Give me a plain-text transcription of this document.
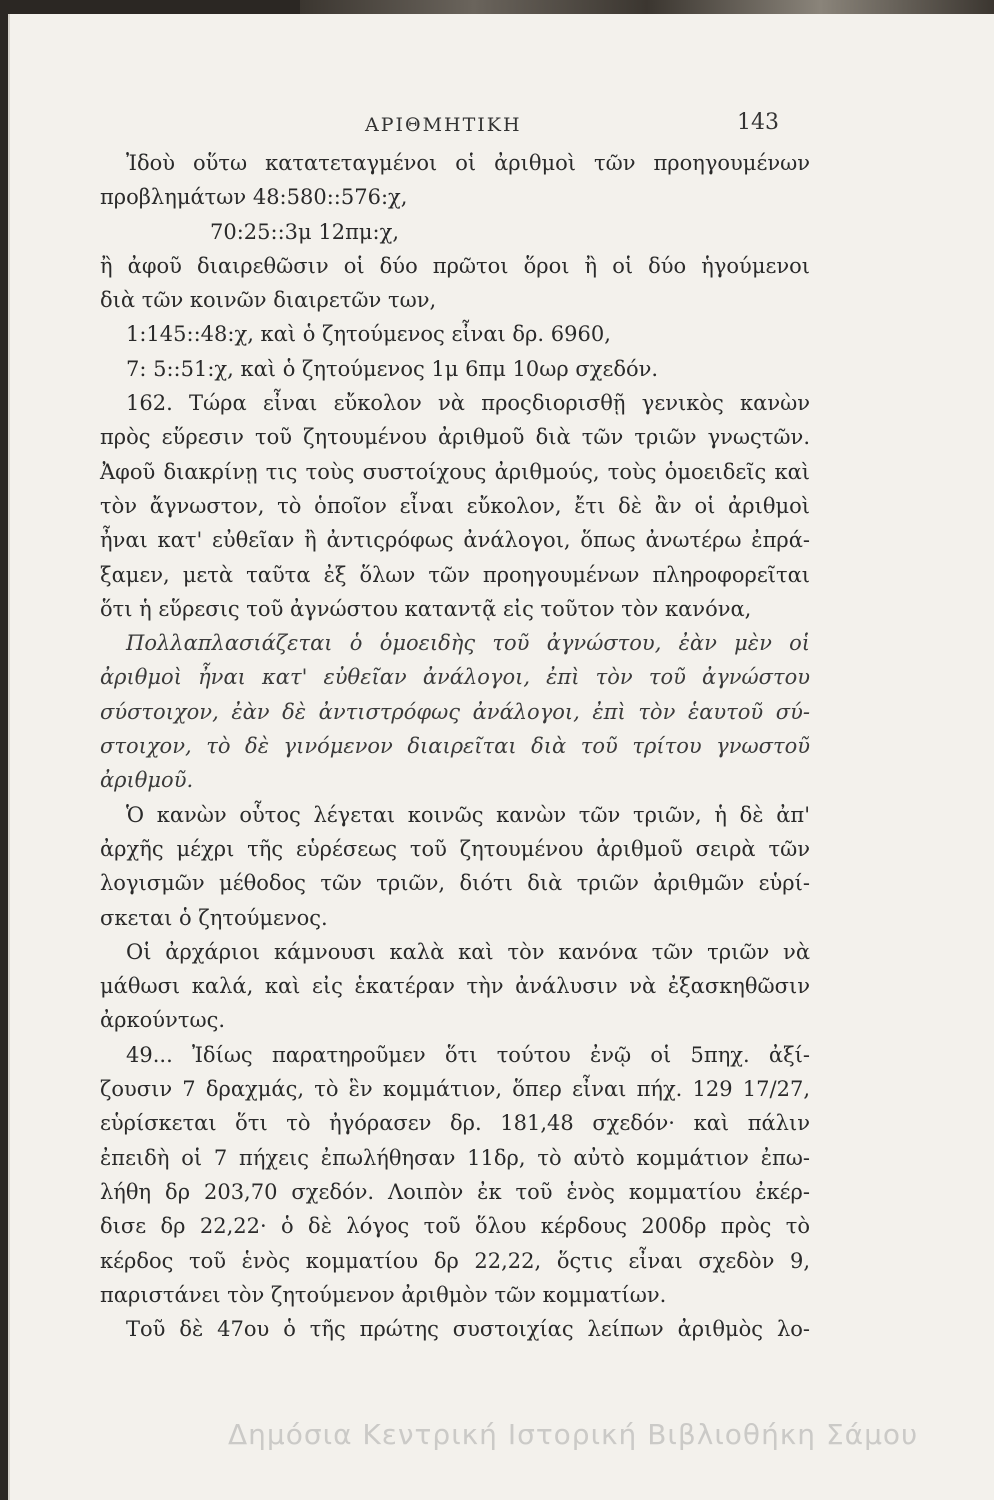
ΑΡΙΘΜΗΤΙΚΗ	143
Ἰδοὺ οὕτω κατατεταγμένοι οἱ ἀριθμοὶ τῶν προηγουμένων
προβλημάτων 48:580::576:χ,
70:25::3μ 12πμ:χ,
ἢ ἀφοῦ διαιρεθῶσιν οἱ δύο πρῶτοι ὅροι ἢ οἱ δύο ἡγούμενοι
διὰ τῶν κοινῶν διαιρετῶν των,
1:145::48:χ, καὶ ὁ ζητούμενος εἶναι δρ. 6960,
7: 5::51:χ, καὶ ὁ ζητούμενος 1μ 6πμ 10ωρ σχεδόν.
162. Τώρα εἶναι εὔκολον νὰ προςδιορισθῇ γενικὸς κανὼν
πρὸς εὕρεσιν τοῦ ζητουμένου ἀριθμοῦ διὰ τῶν τριῶν γνωςτῶν.
Ἀφοῦ διακρίνῃ τις τοὺς συστοίχους ἀριθμούς, τοὺς ὁμοειδεῖς καὶ
τὸν ἄγνωστον, τὸ ὁποῖον εἶναι εὔκολον, ἔτι δὲ ἂν οἱ ἀριθμοὶ
ἦναι κατ' εὐθεῖαν ἢ ἀντιςρόφως ἀνάλογοι, ὅπως ἀνωτέρω ἐπρά-
ξαμεν, μετὰ ταῦτα ἐξ ὅλων τῶν προηγουμένων πληροφορεῖται
ὅτι ἡ εὕρεσις τοῦ ἀγνώστου καταντᾷ εἰς τοῦτον τὸν κανόνα,
Πολλαπλασιάζεται ὁ ὁμοειδὴς τοῦ ἀγνώστου, ἐὰν μὲν οἱ
ἀριθμοὶ ἦναι κατ' εὐθεῖαν ἀνάλογοι, ἐπὶ τὸν τοῦ ἀγνώστου
σύστοιχον, ἐὰν δὲ ἀντιστρόφως ἀνάλογοι, ἐπὶ τὸν ἑαυτοῦ σύ-
στοιχον, τὸ δὲ γινόμενον διαιρεῖται διὰ τοῦ τρίτου γνωστοῦ
ἀριθμοῦ.
Ὁ κανὼν οὗτος λέγεται κοινῶς κανὼν τῶν τριῶν, ἡ δὲ ἀπ'
ἀρχῆς μέχρι τῆς εὑρέσεως τοῦ ζητουμένου ἀριθμοῦ σειρὰ τῶν
λογισμῶν μέθοδος τῶν τριῶν, διότι διὰ τριῶν ἀριθμῶν εὑρί-
σκεται ὁ ζητούμενος.
Οἱ ἀρχάριοι κάμνουσι καλὰ καὶ τὸν κανόνα τῶν τριῶν νὰ
μάθωσι καλά, καὶ εἰς ἑκατέραν τὴν ἀνάλυσιν νὰ ἐξασκηθῶσιν
ἀρκούντως.
49... Ἰδίως παρατηροῦμεν ὅτι τούτου ἐνῷ οἱ 5πηχ. ἀξί-
ζουσιν 7 δραχμάς, τὸ ἓν κομμάτιον, ὅπερ εἶναι πήχ. 129 17/27,
εὑρίσκεται ὅτι τὸ ἠγόρασεν δρ. 181,48 σχεδόν· καὶ πάλιν
ἐπειδὴ οἱ 7 πήχεις ἐπωλήθησαν 11δρ, τὸ αὐτὸ κομμάτιον ἐπω-
λήθη δρ 203,70 σχεδόν. Λοιπὸν ἐκ τοῦ ἑνὸς κομματίου ἐκέρ-
δισε δρ 22,22· ὁ δὲ λόγος τοῦ ὅλου κέρδους 200δρ πρὸς τὸ
κέρδος τοῦ ἑνὸς κομματίου δρ 22,22, ὅςτις εἶναι σχεδὸν 9,
παριστάνει τὸν ζητούμενον ἀριθμὸν τῶν κομματίων.
Τοῦ δὲ 47ου ὁ τῆς πρώτης συστοιχίας λείπων ἀριθμὸς λο-
Δημόσια Κεντρική Ιστορική Βιβλιοθήκη Σάμου
